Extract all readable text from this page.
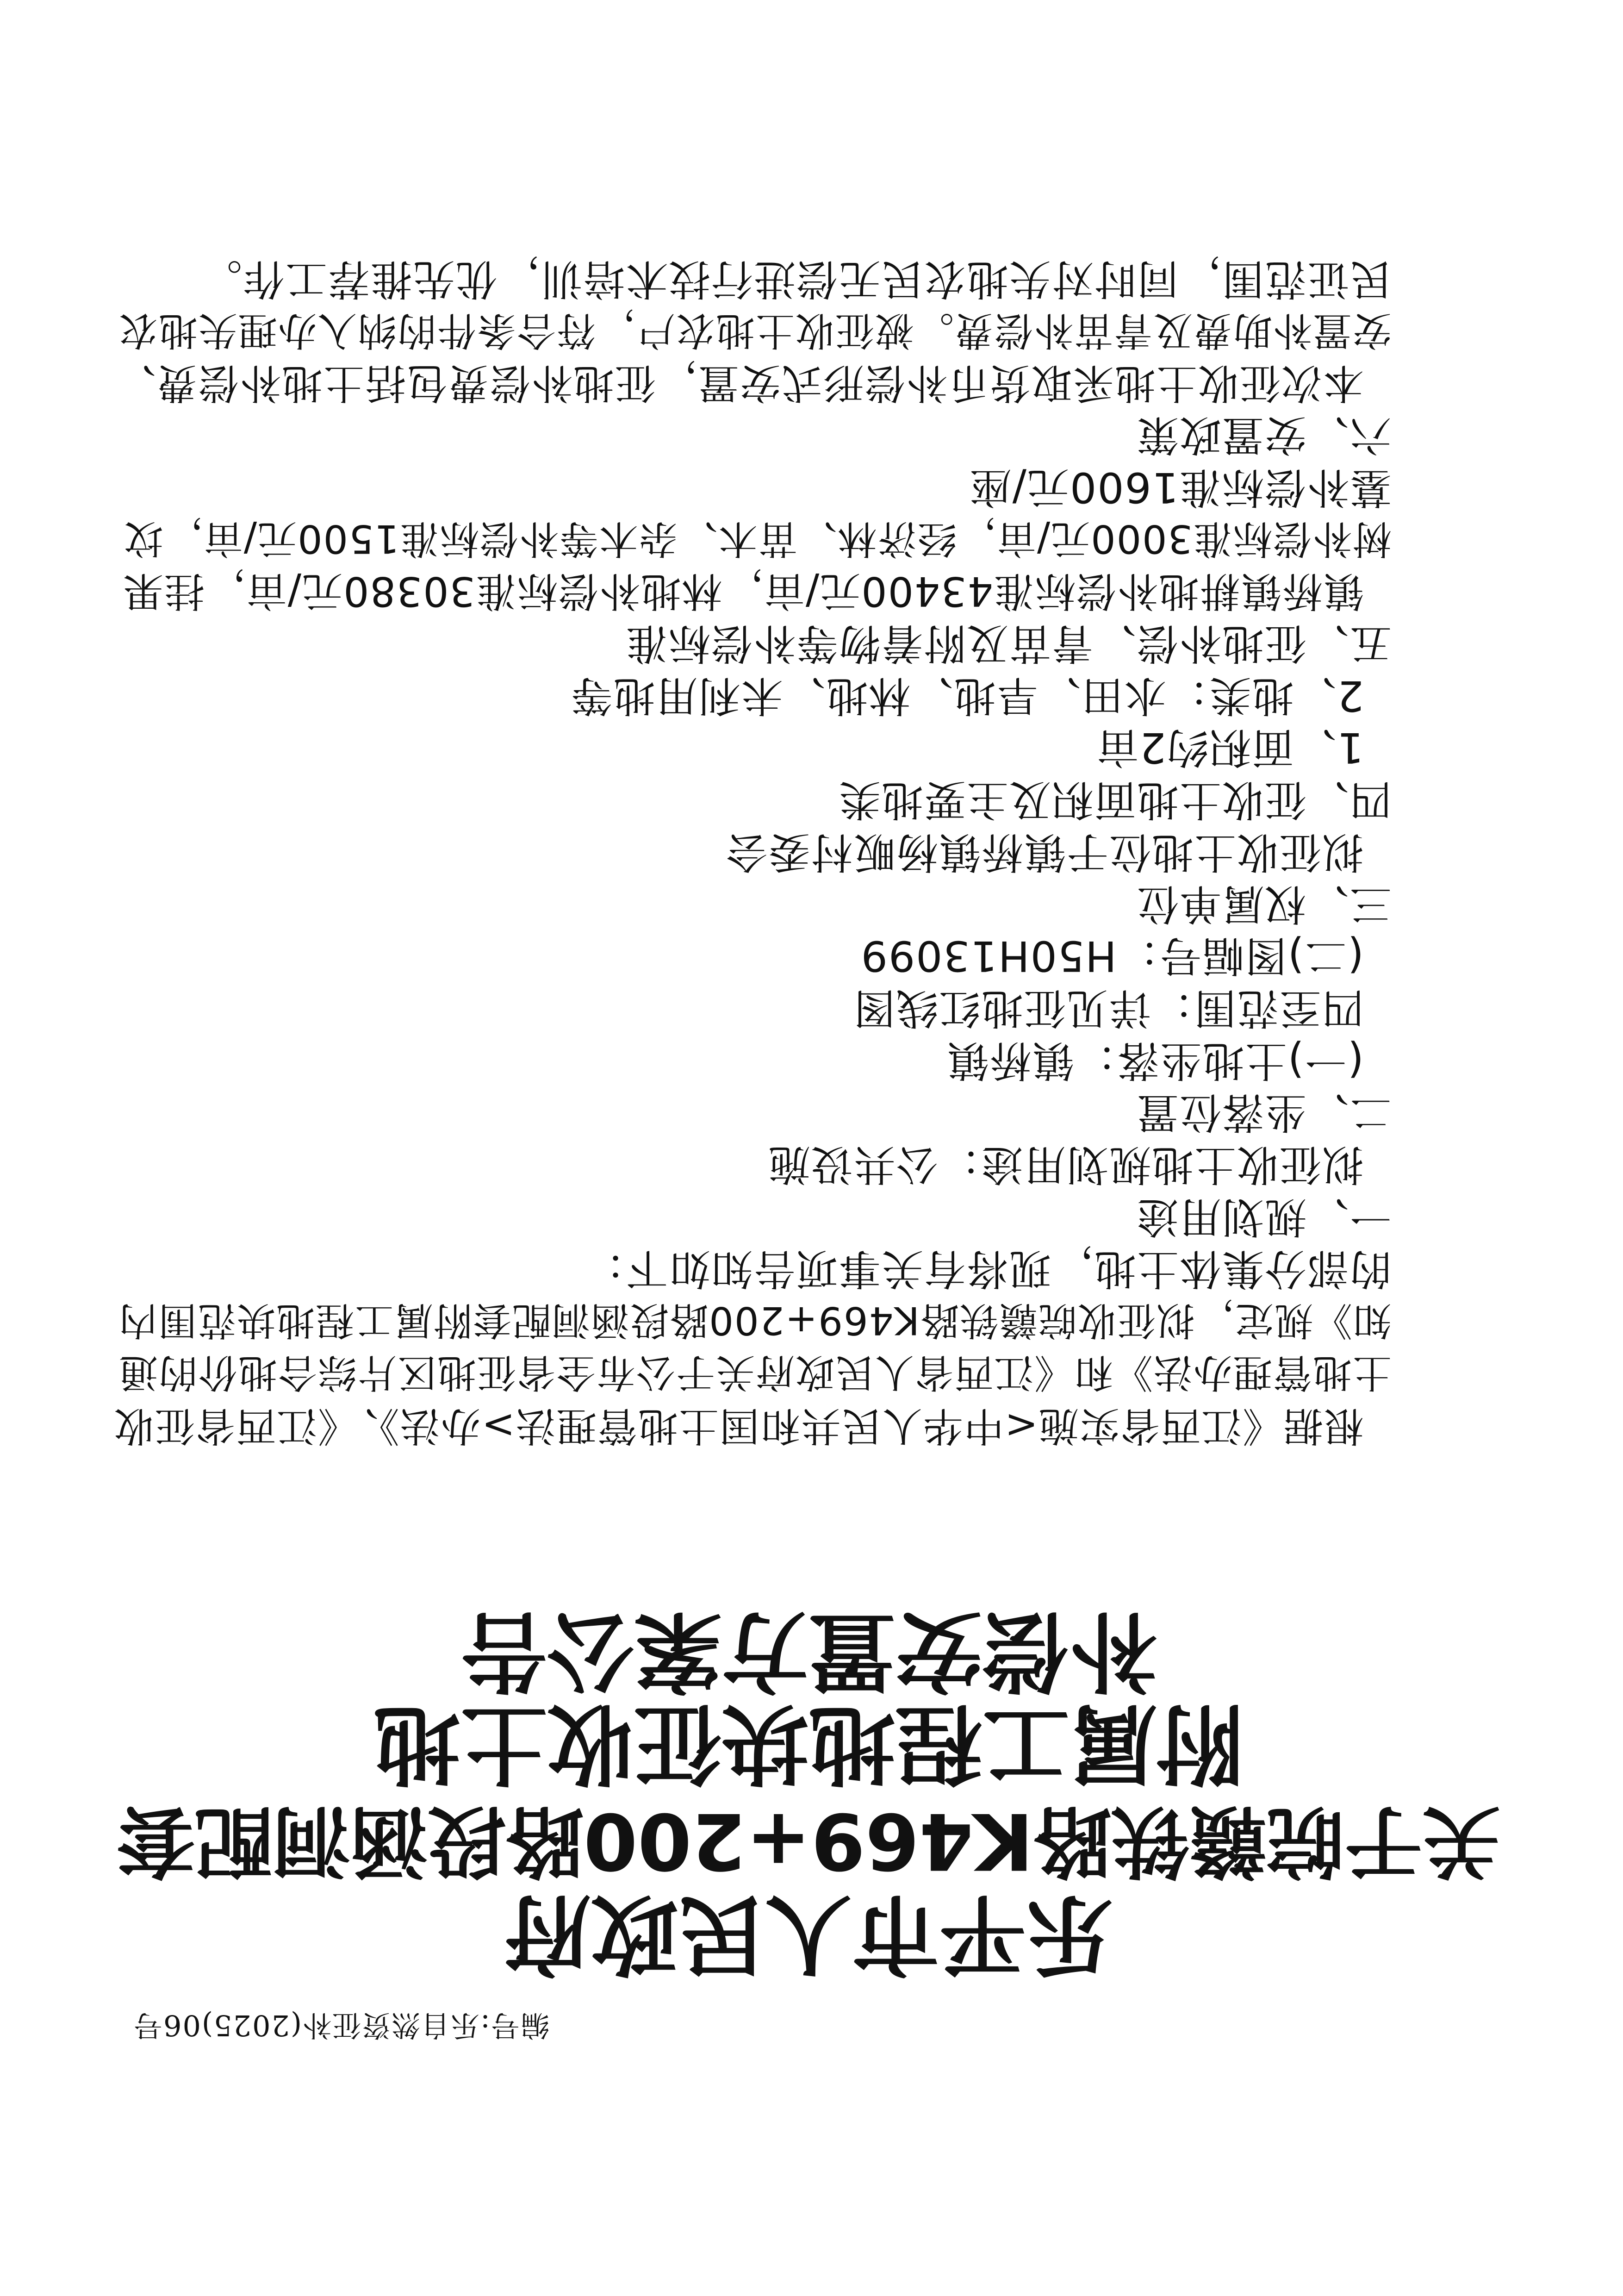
编号:乐自然资征补(2025)06号
乐平市人民政府
关于皖赣铁路K469+200路段涵洞配套
附属工程地块征收土地
补偿安置方案公告
根据《江西省实施<中华人民共和国土地管理法>办法》、《江西省征收
土地管理办法》和《江西省人民政府关于公布全省征地区片综合地价的通
知》规定，拟征收皖赣铁路K469+200路段涵洞配套附属工程地块范围内
的部分集体土地，现将有关事项告知如下：
一、规划用途
拟征收土地规划用途：公共设施
二、坐落位置
(一)土地坐落：镇桥镇
四至范围：详见征地红线图
(二)图幅号：H50H13099
三、权属单位
拟征收土地位于镇桥镇杨畈村委会
四、征收土地面积及主要地类
1、面积约2亩
2、地类：水田、旱地、林地、未利用地等
五、征地补偿、青苗及附着物等补偿标准
镇桥镇耕地补偿标准43400元/亩，林地补偿标准30380元/亩，挂果
树补偿标准3000元/亩，经济林、苗木、杂木等补偿标准1500元/亩，坟
墓补偿标准1600元/座
六、安置政策
本次征收土地采取货币补偿形式安置，征地补偿费包括土地补偿费、
安置补助费及青苗补偿费。被征收土地农户，符合条件的纳入办理失地农
民证范围，同时对失地农民无偿进行技术培训，优先推荐工作。
